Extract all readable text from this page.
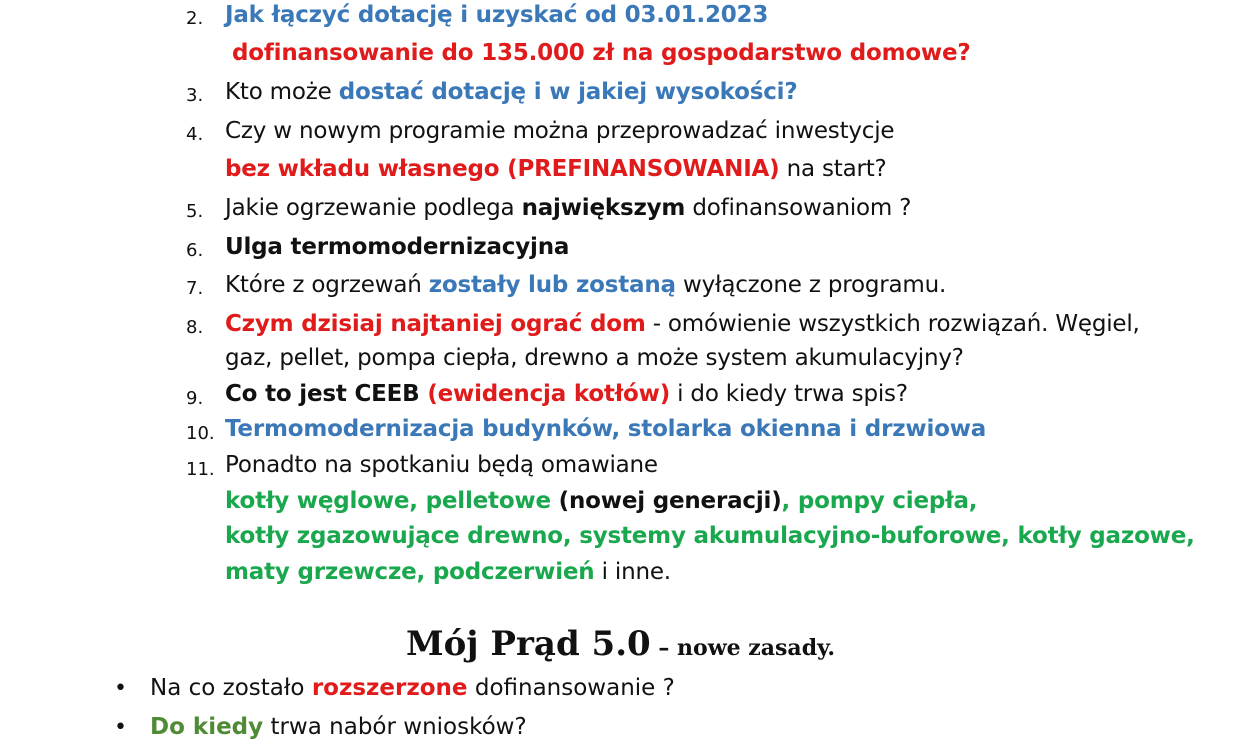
2. Jak łączyć dotację i uzyskać od 03.01.2023
dofinansowanie do 135.000 zł na gospodarstwo domowe?
3. Kto może dostać dotację i w jakiej wysokości?
4. Czy w nowym programie można przeprowadzać inwestycje
bez wkładu własnego (PREFINANSOWANIA) na start?
5. Jakie ogrzewanie podlega największym dofinansowaniom ?
6. Ulga termomodernizacyjna
7. Które z ogrzewań zostały lub zostaną wyłączone z programu.
8. Czym dzisiaj najtaniej ograć dom - omówienie wszystkich rozwiązań. Węgiel,
gaz, pellet, pompa ciepła, drewno a może system akumulacyjny?
9. Co to jest CEEB (ewidencja kotłów) i do kiedy trwa spis?
10. Termomodernizacja budynków, stolarka okienna i drzwiowa
11. Ponadto na spotkaniu będą omawiane
kotły węglowe, pelletowe (nowej generacji), pompy ciepła,
kotły zgazowujące drewno, systemy akumulacyjno-buforowe, kotły gazowe,
maty grzewcze, podczerwień i inne.
Mój Prąd 5.0 – nowe zasady.
• Na co zostało rozszerzone dofinansowanie ?
• Do kiedy trwa nabór wniosków?
